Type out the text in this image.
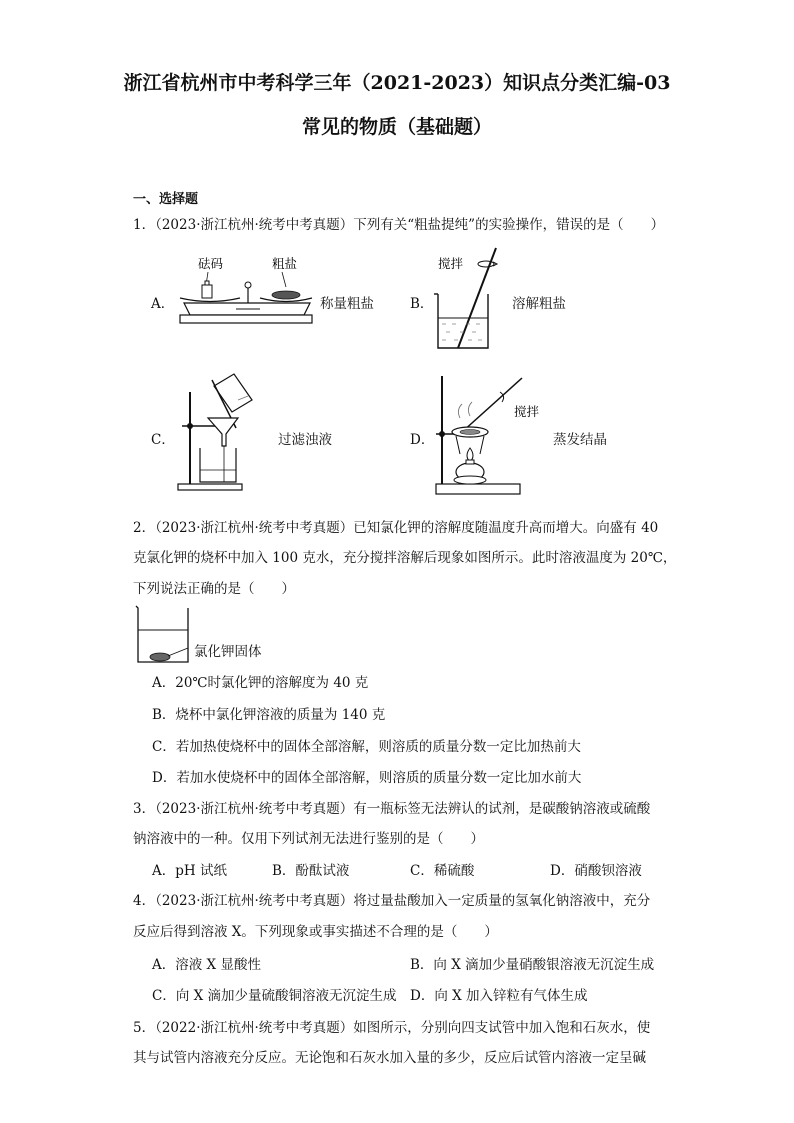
浙江省杭州市中考科学三年（2021-2023）知识点分类汇编-03
常见的物质（基础题）
一、选择题
1．（2023·浙江杭州·统考中考真题）下列有关“粗盐提纯”的实验操作，错误的是（　　）
A．
砝码	粗盐
称量粗盐	B．
搅拌
溶解粗盐
C．	过滤浊液	D．
搅拌
蒸发结晶
2．（2023·浙江杭州·统考中考真题）已知氯化钾的溶解度随温度升高而增大。向盛有 40
克氯化钾的烧杯中加入 100 克水，充分搅拌溶解后现象如图所示。此时溶液温度为 20℃，
下列说法正确的是（　　）
氯化钾固体
A．20℃时氯化钾的溶解度为 40 克
B．烧杯中氯化钾溶液的质量为 140 克
C．若加热使烧杯中的固体全部溶解，则溶质的质量分数一定比加热前大
D．若加水使烧杯中的固体全部溶解，则溶质的质量分数一定比加水前大
3．（2023·浙江杭州·统考中考真题）有一瓶标签无法辨认的试剂，是碳酸钠溶液或硫酸
钠溶液中的一种。仅用下列试剂无法进行鉴别的是（　　）
A．pH 试纸	B．酚酞试液	C．稀硫酸	D．硝酸钡溶液
4．（2023·浙江杭州·统考中考真题）将过量盐酸加入一定质量的氢氧化钠溶液中，充分
反应后得到溶液 X。下列现象或事实描述不合理的是（　　）
A．溶液 X 显酸性	B．向 X 滴加少量硝酸银溶液无沉淀生成
C．向 X 滴加少量硫酸铜溶液无沉淀生成 D．向 X 加入锌粒有气体生成
5．（2022·浙江杭州·统考中考真题）如图所示，分别向四支试管中加入饱和石灰水，使
其与试管内溶液充分反应。无论饱和石灰水加入量的多少，反应后试管内溶液一定呈碱
